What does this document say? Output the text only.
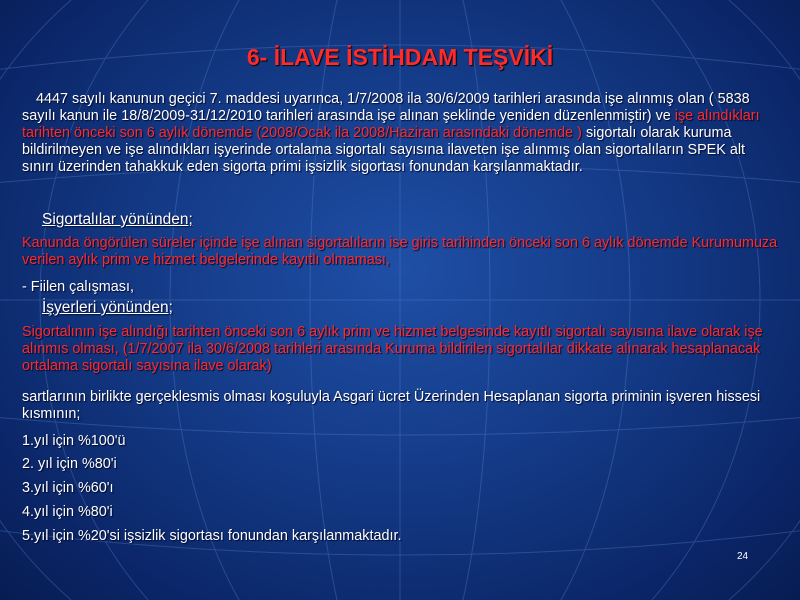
6- İLAVE İSTİHDAM TEŞVİKİ
4447 sayılı kanunun geçici 7. maddesi uyarınca, 1/7/2008 ila 30/6/2009 tarihleri arasında işe alınmış olan ( 5838 sayılı kanun ile 18/8/2009-31/12/2010 tarihleri arasında işe alınan şeklinde yeniden düzenlenmiştir) ve işe alındıkları tarihten önceki son 6 aylık dönemde (2008/Ocak ila 2008/Haziran arasındaki dönemde ) sigortalı olarak kuruma bildirilmeyen ve işe alındıkları işyerinde ortalama sigortalı sayısına ilaveten işe alınmış olan sigortalıların SPEK alt sınırı üzerinden tahakkuk eden sigorta primi işsizlik sigortası fonundan karşılanmaktadır.
Sigortalılar yönünden;
Kanunda öngörülen süreler içinde işe alınan sigortalıların ise giris tarihinden önceki son 6 aylık dönemde Kurumumuza verilen aylık prim ve hizmet belgelerinde kayıtlı olmaması,
- Fiilen çalışması,
İşyerleri yönünden;
Sigortalının işe alındığı tarihten önceki son 6 aylık prim ve hizmet belgesinde kayıtlı sigortalı sayısına ilave olarak işe alınmıs olması, (1/7/2007 ila 30/6/2008 tarihleri arasında Kuruma bildirilen sigortalılar dikkate alınarak hesaplanacak ortalama sigortalı sayısına ilave olarak)
sartlarının birlikte gerçeklesmis olması koşuluyla Asgari ücret Üzerinden Hesaplanan sigorta priminin işveren hissesi kısmının;
1.yıl için %100'ü
2. yıl için %80'i
3.yıl için %60'ı
4.yıl için %80'i
5.yıl için %20'si işsizlik sigortası fonundan karşılanmaktadır.
24
